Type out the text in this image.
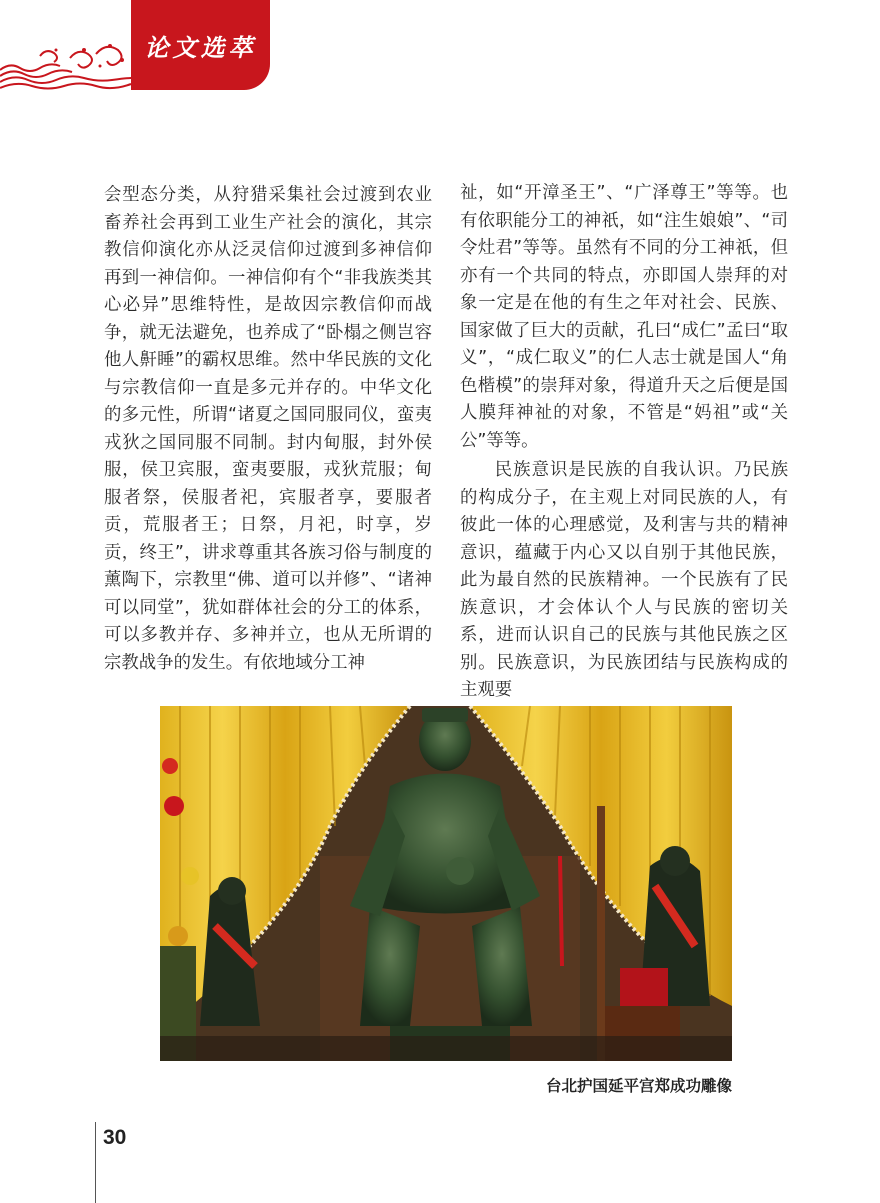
论文选萃

会型态分类，从狩猎采集社会过渡到农业畜养社会再到工业生产社会的演化，其宗教信仰演化亦从泛灵信仰过渡到多神信仰再到一神信仰。一神信仰有个“非我族类其心必异”思维特性，是故因宗教信仰而战争，就无法避免，也养成了“卧榻之侧岂容他人鼾睡”的霸权思维。然中华民族的文化与宗教信仰一直是多元并存的。中华文化的多元性，所谓“诸夏之国同服同仪，蛮夷戎狄之国同服不同制。封内甸服，封外侯服，侯卫宾服，蛮夷要服，戎狄荒服；甸服者祭，侯服者祀，宾服者享，要服者贡，荒服者王；日祭，月祀，时享，岁贡，终王”，讲求尊重其各族习俗与制度的薰陶下，宗教里“佛、道可以并修”、“诸神可以同堂”，犹如群体社会的分工的体系，可以多教并存、多神并立，也从无所谓的宗教战争的发生。有依地域分工神

祉，如“开漳圣王”、“广泽尊王”等等。也有依职能分工的神祇，如“注生娘娘”、“司令灶君”等等。虽然有不同的分工神祇，但亦有一个共同的特点，亦即国人崇拜的对象一定是在他的有生之年对社会、民族、国家做了巨大的贡献，孔曰“成仁”孟曰“取义”，“成仁取义”的仁人志士就是国人“角色楷模”的崇拜对象，得道升天之后便是国人膜拜神祉的对象，不管是“妈祖”或“关公”等等。

民族意识是民族的自我认识。乃民族的构成分子，在主观上对同民族的人，有彼此一体的心理感觉，及利害与共的精神意识，蕴藏于内心又以自别于其他民族，此为最自然的民族精神。一个民族有了民族意识，才会体认个人与民族的密切关系，进而认识自己的民族与其他民族之区别。民族意识，为民族团结与民族构成的主观要

台北护国延平宫郑成功雕像
30
